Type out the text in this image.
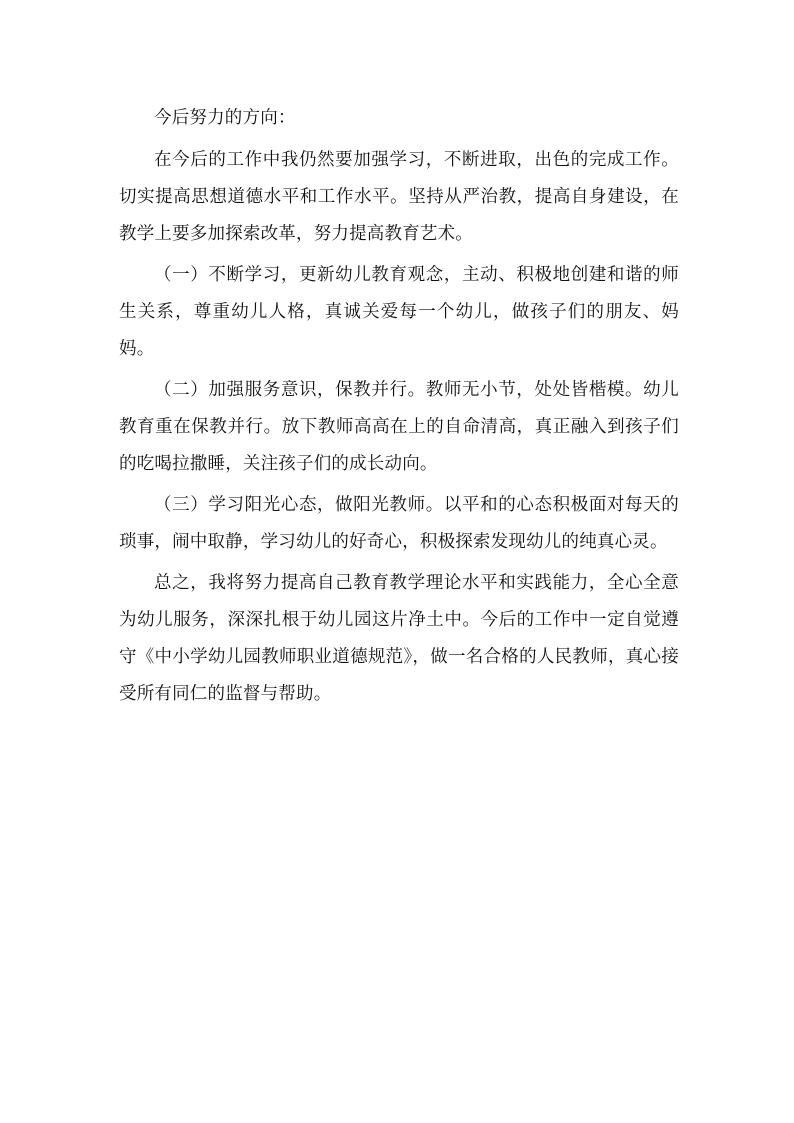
今后努力的方向：

在今后的工作中我仍然要加强学习，不断进取，出色的完成工作。切实提高思想道德水平和工作水平。坚持从严治教，提高自身建设，在教学上要多加探索改革，努力提高教育艺术。

（一）不断学习，更新幼儿教育观念，主动、积极地创建和谐的师生关系，尊重幼儿人格，真诚关爱每一个幼儿，做孩子们的朋友、妈妈。

（二）加强服务意识，保教并行。教师无小节，处处皆楷模。幼儿教育重在保教并行。放下教师高高在上的自命清高，真正融入到孩子们的吃喝拉撒睡，关注孩子们的成长动向。

（三）学习阳光心态，做阳光教师。以平和的心态积极面对每天的琐事，闹中取静，学习幼儿的好奇心，积极探索发现幼儿的纯真心灵。

总之，我将努力提高自己教育教学理论水平和实践能力，全心全意为幼儿服务，深深扎根于幼儿园这片净土中。今后的工作中一定自觉遵守《中小学幼儿园教师职业道德规范》，做一名合格的人民教师，真心接受所有同仁的监督与帮助。
